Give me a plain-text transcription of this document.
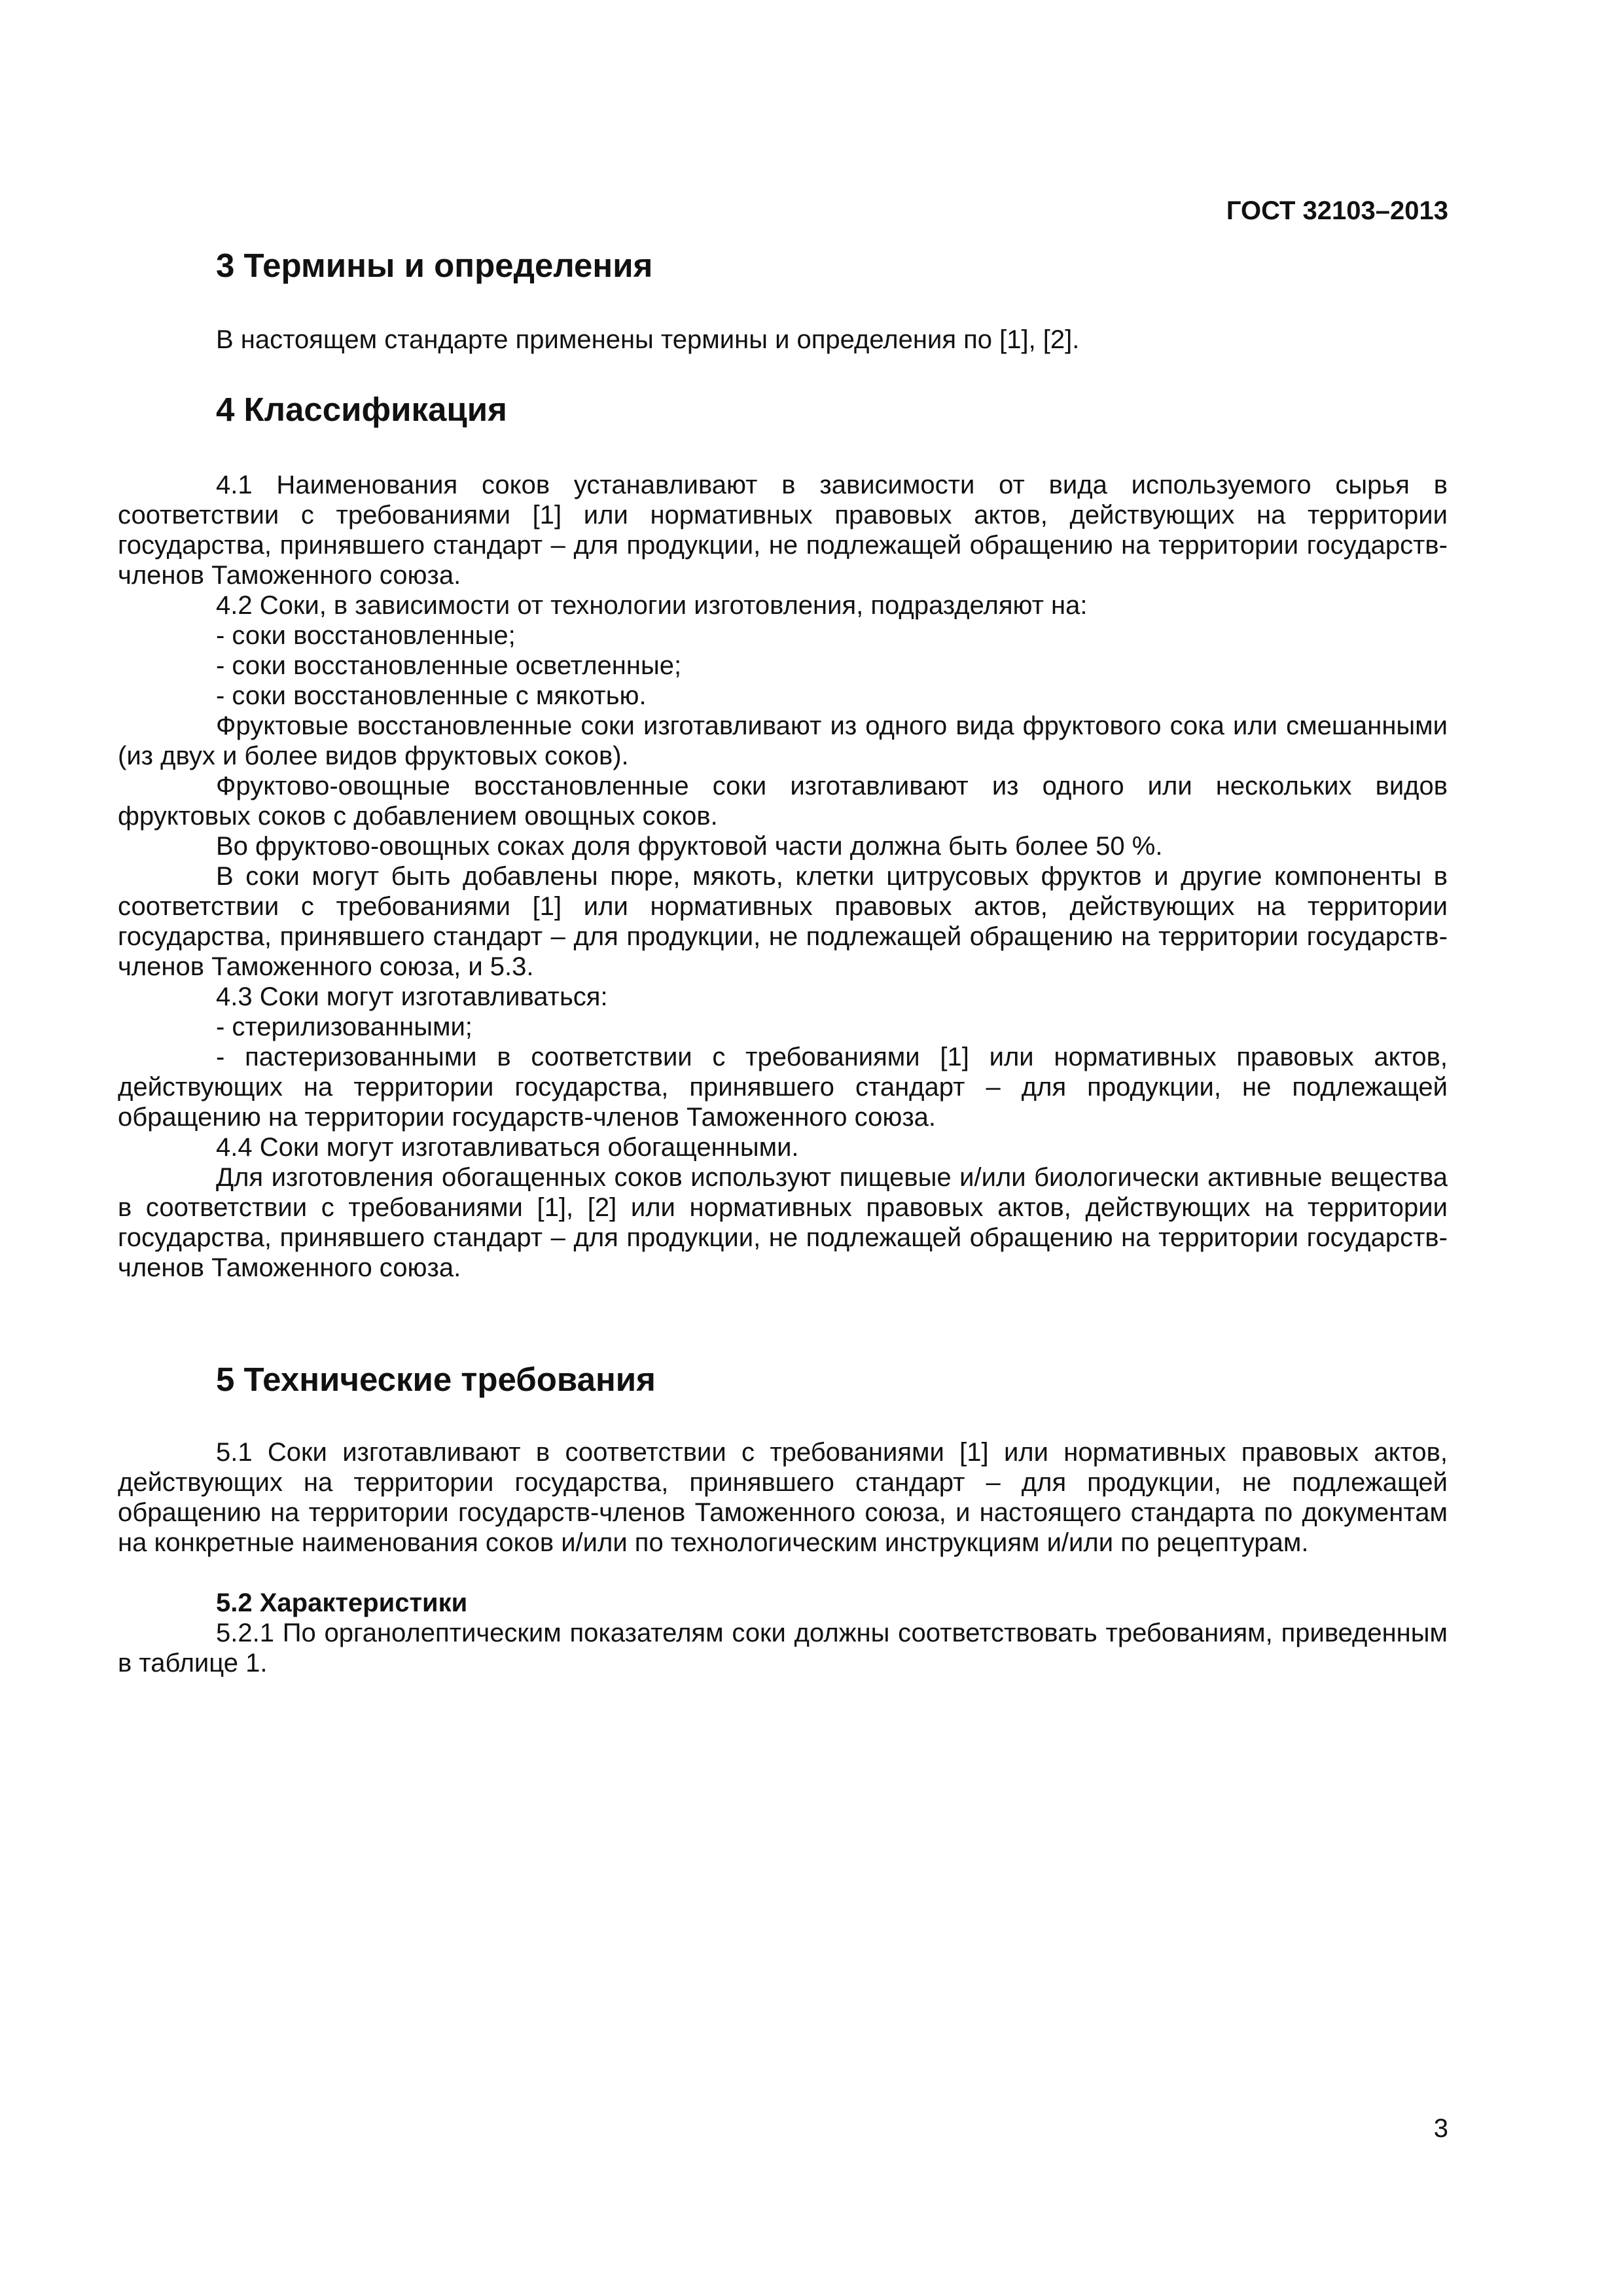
ГОСТ 32103–2013
3 Термины и определения

В настоящем стандарте применены термины и определения по [1], [2].

4 Классификация

4.1 Наименования соков устанавливают в зависимости от вида используемого сырья в соответствии с требованиями [1] или нормативных правовых актов, действующих на территории государства, принявшего стандарт – для продукции, не подлежащей обращению на территории государств-членов Таможенного союза.

4.2 Соки, в зависимости от технологии изготовления, подразделяют на:

- соки восстановленные;

- соки восстановленные осветленные;

- соки восстановленные с мякотью.

Фруктовые восстановленные соки изготавливают из одного вида фруктового сока или смешанными (из двух и более видов фруктовых соков).

Фруктово-овощные восстановленные соки изготавливают из одного или нескольких видов фруктовых соков с добавлением овощных соков.

Во фруктово-овощных соках доля фруктовой части должна быть более 50 %.

В соки могут быть добавлены пюре, мякоть, клетки цитрусовых фруктов и другие компоненты в соответствии с требованиями [1] или нормативных правовых актов, действующих на территории государства, принявшего стандарт – для продукции, не подлежащей обращению на территории государств-членов Таможенного союза, и 5.3.

4.3 Соки могут изготавливаться:

- стерилизованными;

- пастеризованными в соответствии с требованиями [1] или нормативных правовых актов, действующих на территории государства, принявшего стандарт – для продукции, не подлежащей обращению на территории государств-членов Таможенного союза.

4.4 Соки могут изготавливаться обогащенными.

Для изготовления обогащенных соков используют пищевые и/или биологически активные вещества в соответствии с требованиями [1], [2] или нормативных правовых актов, действующих на территории государства, принявшего стандарт – для продукции, не подлежащей обращению на территории государств-членов Таможенного союза.

5 Технические требования

5.1 Соки изготавливают в соответствии с требованиями [1] или нормативных правовых актов, действующих на территории государства, принявшего стандарт – для продукции, не подлежащей обращению на территории государств-членов Таможенного союза, и настоящего стандарта по документам на конкретные наименования соков и/или по технологическим инструкциям и/или по рецептурам.

5.2 Характеристики

5.2.1 По органолептическим показателям соки должны соответствовать требованиям, приведенным в таблице 1.

3
